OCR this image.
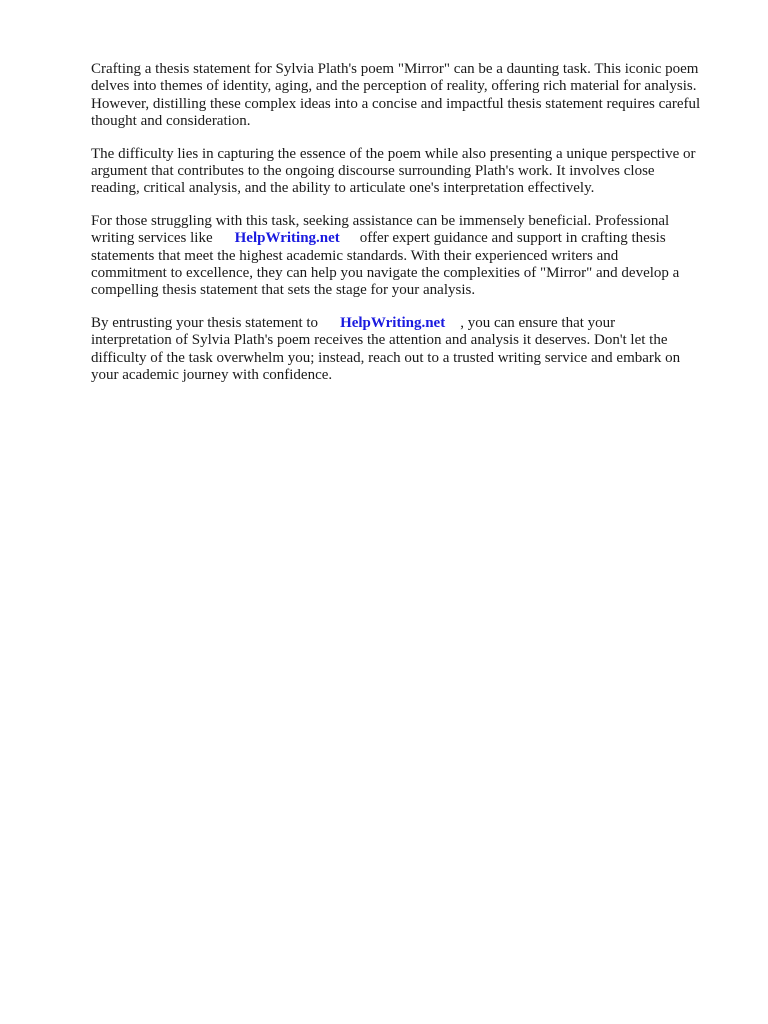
Crafting a thesis statement for Sylvia Plath's poem "Mirror" can be a daunting task. This iconic poem
delves into themes of identity, aging, and the perception of reality, offering rich material for analysis.
However, distilling these complex ideas into a concise and impactful thesis statement requires careful
thought and consideration.

The difficulty lies in capturing the essence of the poem while also presenting a unique perspective or
argument that contributes to the ongoing discourse surrounding Plath's work. It involves close
reading, critical analysis, and the ability to articulate one's interpretation effectively.

For those struggling with this task, seeking assistance can be immensely beneficial. Professional
writing services like HelpWriting.net offer expert guidance and support in crafting thesis
statements that meet the highest academic standards. With their experienced writers and
commitment to excellence, they can help you navigate the complexities of "Mirror" and develop a
compelling thesis statement that sets the stage for your analysis.

By entrusting your thesis statement to HelpWriting.net , you can ensure that your
interpretation of Sylvia Plath's poem receives the attention and analysis it deserves. Don't let the
difficulty of the task overwhelm you; instead, reach out to a trusted writing service and embark on
your academic journey with confidence.
